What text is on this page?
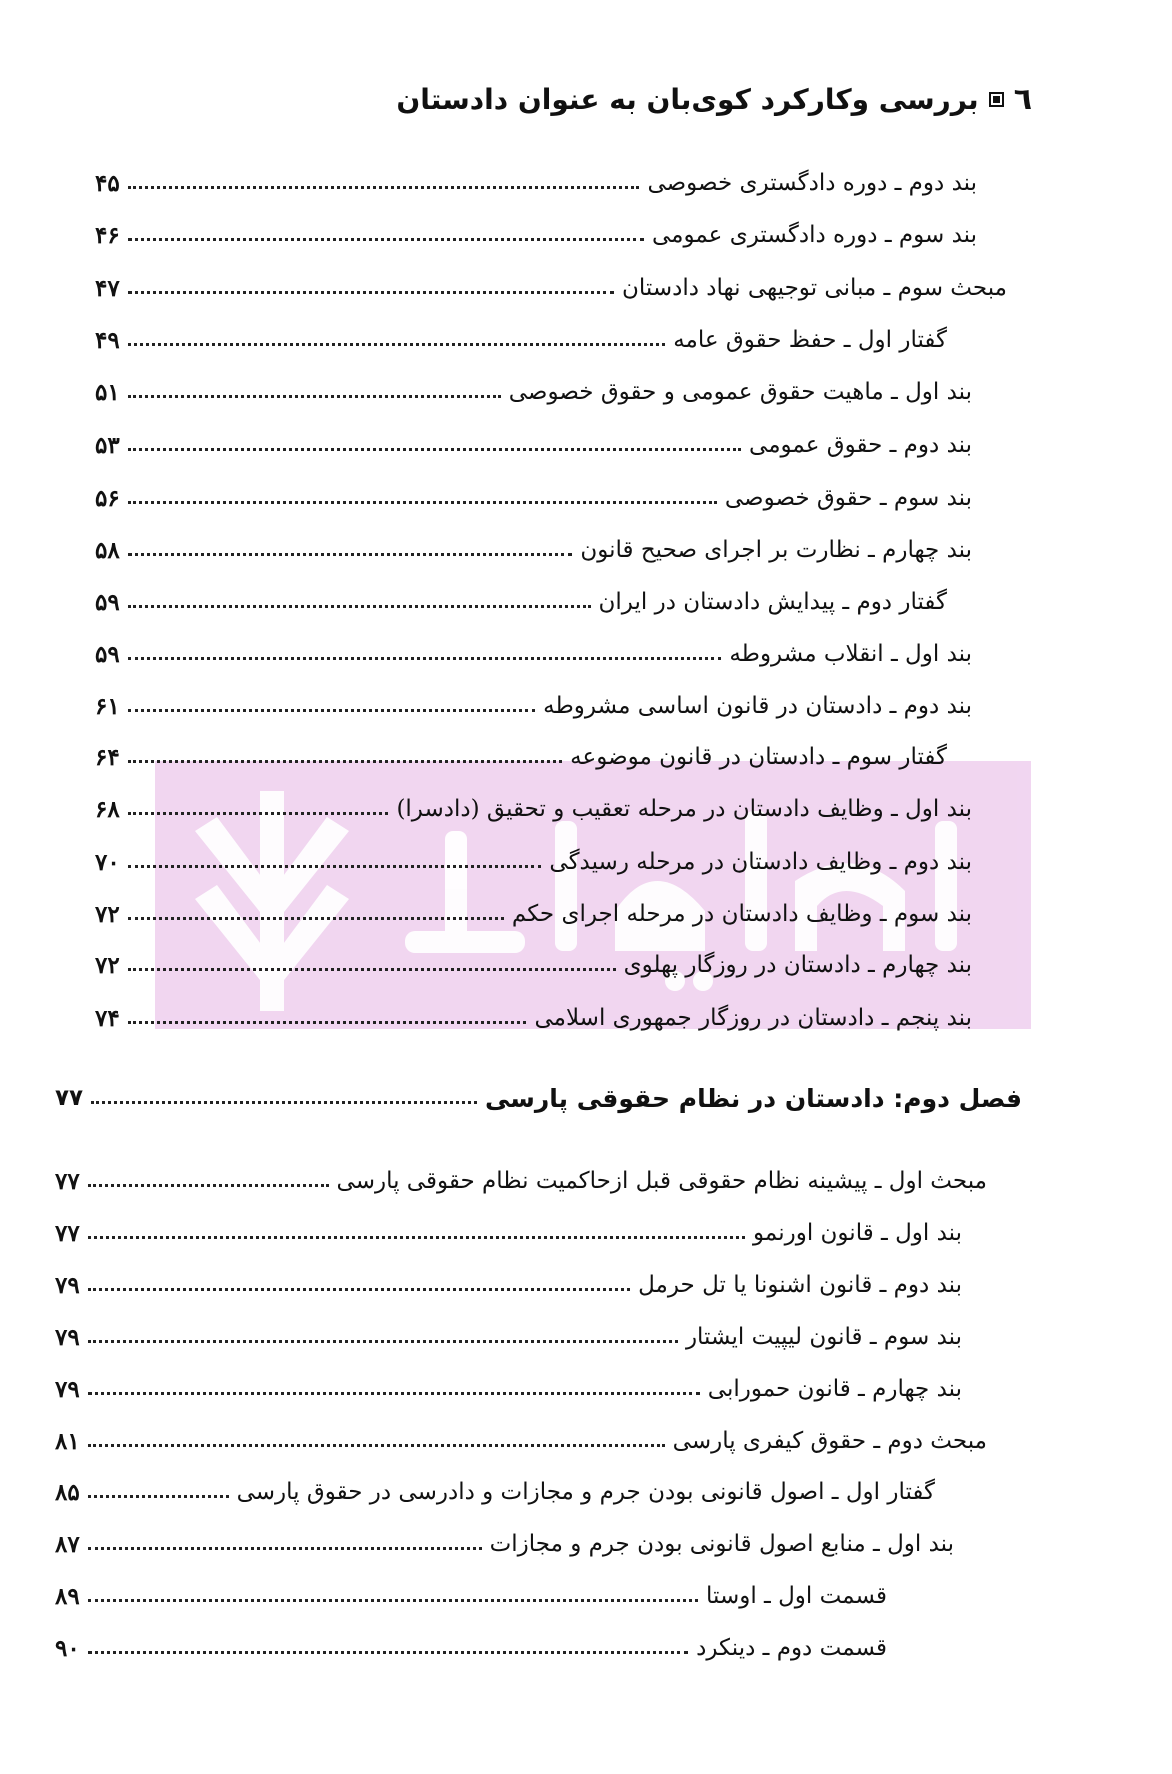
٦
بررسی وکارکرد کوی‌بان به عنوان دادستان
بند دوم ـ دوره دادگستری خصوصی
۴۵
بند سوم ـ دوره دادگستری عمومی
۴۶
مبحث سوم ـ مبانی توجیهی نهاد دادستان
۴۷
گفتار اول ـ حفظ حقوق عامه
۴۹
بند اول ـ ماهیت حقوق عمومی و حقوق خصوصی
۵۱
بند دوم ـ حقوق عمومی
۵۳
بند سوم ـ حقوق خصوصی
۵۶
بند چهارم ـ نظارت بر اجرای صحیح قانون
۵۸
گفتار دوم ـ پیدایش دادستان در ایران
۵۹
بند اول ـ انقلاب مشروطه
۵۹
بند دوم ـ دادستان در قانون اساسی مشروطه
۶۱
گفتار سوم ـ دادستان در قانون موضوعه
۶۴
بند اول ـ وظایف دادستان در مرحله تعقیب و تحقیق (دادسرا)
۶۸
بند دوم ـ وظایف دادستان در مرحله رسیدگی
۷۰
بند سوم ـ وظایف دادستان در مرحله اجرای حکم
۷۲
بند چهارم ـ دادستان در روزگار پهلوی
۷۲
بند پنجم ـ دادستان در روزگار جمهوری اسلامی
۷۴
فصل دوم: دادستان در نظام حقوقی پارسی
۷۷
مبحث اول ـ پیشینه نظام حقوقی قبل ازحاکمیت نظام حقوقی پارسی
۷۷
بند اول ـ قانون اورنمو
۷۷
بند دوم ـ قانون اشنونا یا تل حرمل
۷۹
بند سوم ـ قانون لیپیت ایشتار
۷۹
بند چهارم ـ قانون حمورابی
۷۹
مبحث دوم ـ حقوق کیفری پارسی
۸۱
گفتار اول ـ اصول قانونی بودن جرم و مجازات و دادرسی در حقوق پارسی
۸۵
بند اول ـ منابع اصول قانونی بودن جرم و مجازات
۸۷
قسمت اول ـ اوستا
۸۹
قسمت دوم ـ دینکرد
۹۰
